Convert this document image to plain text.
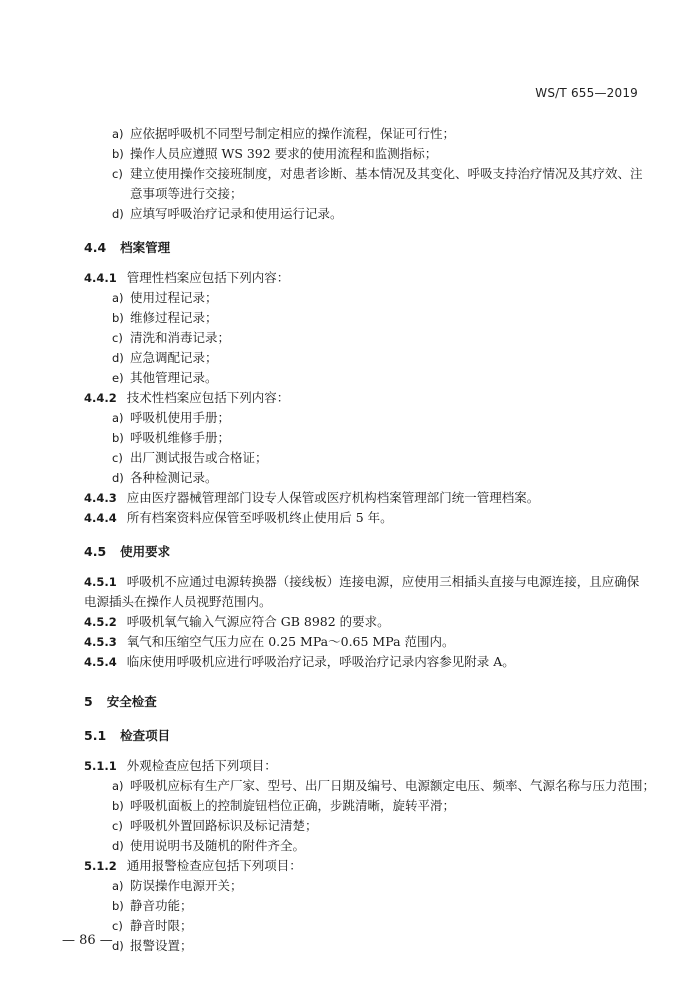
WS/T 655—2019
a) 应依据呼吸机不同型号制定相应的操作流程，保证可行性；
b) 操作人员应遵照 WS 392 要求的使用流程和监测指标；
c) 建立使用操作交接班制度，对患者诊断、基本情况及其变化、呼吸支持治疗情况及其疗效、注意事项等进行交接；
d) 应填写呼吸治疗记录和使用运行记录。
4.4 档案管理
4.4.1 管理性档案应包括下列内容：
a) 使用过程记录；
b) 维修过程记录；
c) 清洗和消毒记录；
d) 应急调配记录；
e) 其他管理记录。
4.4.2 技术性档案应包括下列内容：
a) 呼吸机使用手册；
b) 呼吸机维修手册；
c) 出厂测试报告或合格证；
d) 各种检测记录。
4.4.3 应由医疗器械管理部门设专人保管或医疗机构档案管理部门统一管理档案。
4.4.4 所有档案资料应保管至呼吸机终止使用后 5 年。
4.5 使用要求
4.5.1 呼吸机不应通过电源转换器（接线板）连接电源，应使用三相插头直接与电源连接，且应确保电源插头在操作人员视野范围内。
4.5.2 呼吸机氧气输入气源应符合 GB 8982 的要求。
4.5.3 氧气和压缩空气压力应在 0.25 MPa～0.65 MPa 范围内。
4.5.4 临床使用呼吸机应进行呼吸治疗记录，呼吸治疗记录内容参见附录 A。
5 安全检查
5.1 检查项目
5.1.1 外观检查应包括下列项目：
a) 呼吸机应标有生产厂家、型号、出厂日期及编号、电源额定电压、频率、气源名称与压力范围；
b) 呼吸机面板上的控制旋钮档位正确，步跳清晰，旋转平滑；
c) 呼吸机外置回路标识及标记清楚；
d) 使用说明书及随机的附件齐全。
5.1.2 通用报警检查应包括下列项目：
a) 防误操作电源开关；
b) 静音功能；
c) 静音时限；
d) 报警设置；
— 86 —
